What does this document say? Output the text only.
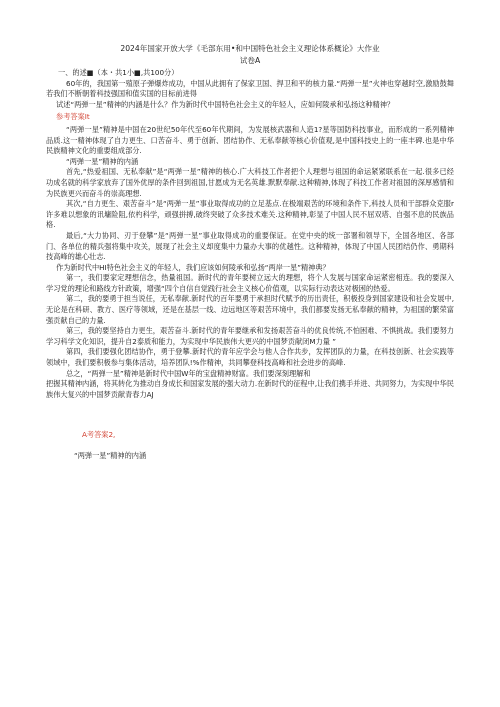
2024年国家开放大学《毛部东用•和中国特色社会主义理论体系概论》大作业

试卷A

一、的述■（本・共1小■,共100分）

60年的，我国第一殖原子弹爆炸成功，中国从此拥有了保家卫国、捍卫和平的核力量.“两弹一星”火神也穿越时空,激励鼓舞若我们不断朝着科技强国和值实国的目标前进得

试述“两弹一星”精神的内涵是什么？作为新时代中国特色社会主义的年轻人，应如何陵承和弘扬这种精神？

参考答案It

“两弹一星”精神是中国在20世纪50年代至60年代期间，为发展核武器和人造1?星等国防科技事业，而形成的一系列精神品质.这一精神体现了自力更生、口苦奋斗、勇于创新、团结协作、无私奉献等核心价值观,是中国科技史上的一座丰碑.也是中华民族精神文化的重要组成部分.

“两弹一星”精神的内涵

首先,“热爱祖国、无私奉献”是“两弹一星”精神的核心.广大科技工作者把个人理想与祖国的命运紧紧联系在一起.很多已经功成名就的科学家放弃了国外优厚的条件回到祖国,甘愿成为无名英雄.默默奉献.这种精神,体现了科技工作者对祖国的深厚感情和为民族更兴而奋斗的崇高理想.

其次,“自力更生、艰苦奋斗”是“两弹一星”事业取得成功的立足基点.在极端艰苦的环境和条件下,科技人员和干部群众克服r许多难以想象的讯墉险阻,依杓科学，顽强拼搏,破终突破了众多技术难关.这种精神,彰显了中国人民不屈双塔、自强不息的民族品格.

最后,“大力协同、刃于登攀”是“两弹一星”事业取得成功的重要保证。在党中央的统一部署和领导下，全国各地区、各部门、各单位的精兵强将集中攻关，展现了社会主义却度集中力量办大事的优越性。这种精神，体现了中国人民团结仍作、勇期科技高峰的雄心壮志.

作为新时代中HI特色社会主义的年轻人，我们应该如何陵承和弘扬“两岸一星”精神典？

第一，我们要家定理想信念，热量祖国。新时代的青年要树立远大的理想，将个人发展与国家命运紧密相连。我的要深入学习党的理论和路线方针政策，增强“四个自信自觉践行社会主义核心价值观，以实际行动表达对极困的热爱。

第二，我的要勇于担当说任，无私奉献.新时代的百年要勇于承担时代赋予的历出责任，积极投身到国家建设和社会发展中,无论是在科研、教方、医疗等领域，还是在基层一线、边远地区等艰苦环境中，我们都要发扬无私奉献的精神，为祖国的繁荣富强贡献自己的力量.

第三，我的要坚持自力更生，艰苦奋斗.新时代的青年要继承和发扬艰苦奋斗的优良传统,不怕困难、不惧挑战。我们要努力学习科学文化知识，提升自2泰质和能力，为实现中华民族伟大更兴的中国梦贡献闭M力量 ”

第四，我们要强化团结协作，勇于登攀.新时代的青年应学会与他人合作共步，发挥团队的力量，在科技创新、社会实践等领域中，我们要积极参与集体活动，培养团队!%作精神，共同攀登科技高峰和社会进步的高峰.

总之，“两弹一星”精神是新时代中国W年的宝盘精神财富。我们要深刻理解和

把握其精神内涵，将其转化为推动自身成长和国家发展的强大动力.在新时代的征程中,让我们携手并进、共同努力，为实现中华民族伟大复兴的中国梦贡献青春力AJ

A考答案2,

“两弹一星”精神的内涵
